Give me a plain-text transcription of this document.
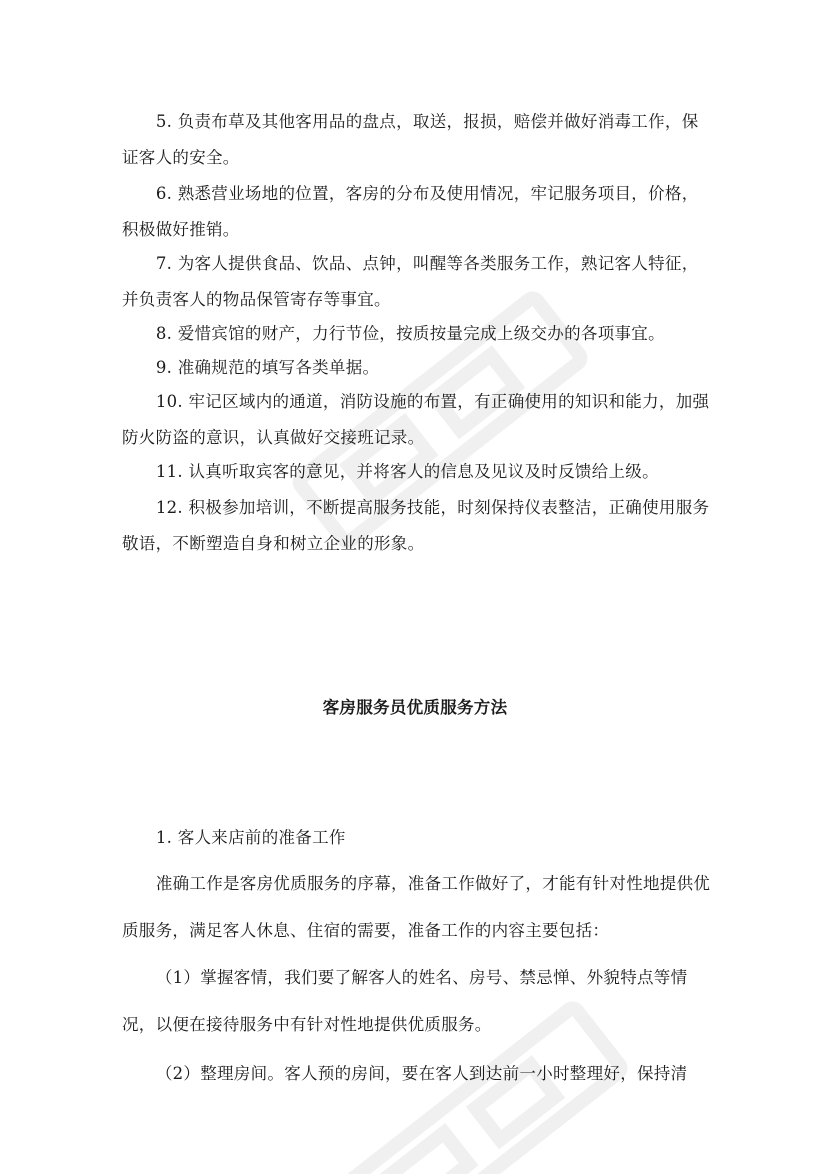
5. 负责布草及其他客用品的盘点，取送，报损，赔偿并做好消毒工作，保证客人的安全。

6. 熟悉营业场地的位置，客房的分布及使用情况，牢记服务项目，价格，积极做好推销。

7. 为客人提供食品、饮品、点钟，叫醒等各类服务工作，熟记客人特征，并负责客人的物品保管寄存等事宜。

8. 爱惜宾馆的财产，力行节俭，按质按量完成上级交办的各项事宜。

9. 准确规范的填写各类单据。

10. 牢记区域内的通道，消防设施的布置，有正确使用的知识和能力，加强防火防盗的意识，认真做好交接班记录。

11. 认真听取宾客的意见，并将客人的信息及见议及时反馈给上级。

12. 积极参加培训，不断提高服务技能，时刻保持仪表整洁，正确使用服务敬语，不断塑造自身和树立企业的形象。

客房服务员优质服务方法

1. 客人来店前的准备工作

准确工作是客房优质服务的序幕，准备工作做好了，才能有针对性地提供优质服务，满足客人休息、住宿的需要，准备工作的内容主要包括：

（1）掌握客情，我们要了解客人的姓名、房号、禁忌惮、外貌特点等情况，以便在接待服务中有针对性地提供优质服务。

（2）整理房间。客人预的房间，要在客人到达前一小时整理好，保持清
